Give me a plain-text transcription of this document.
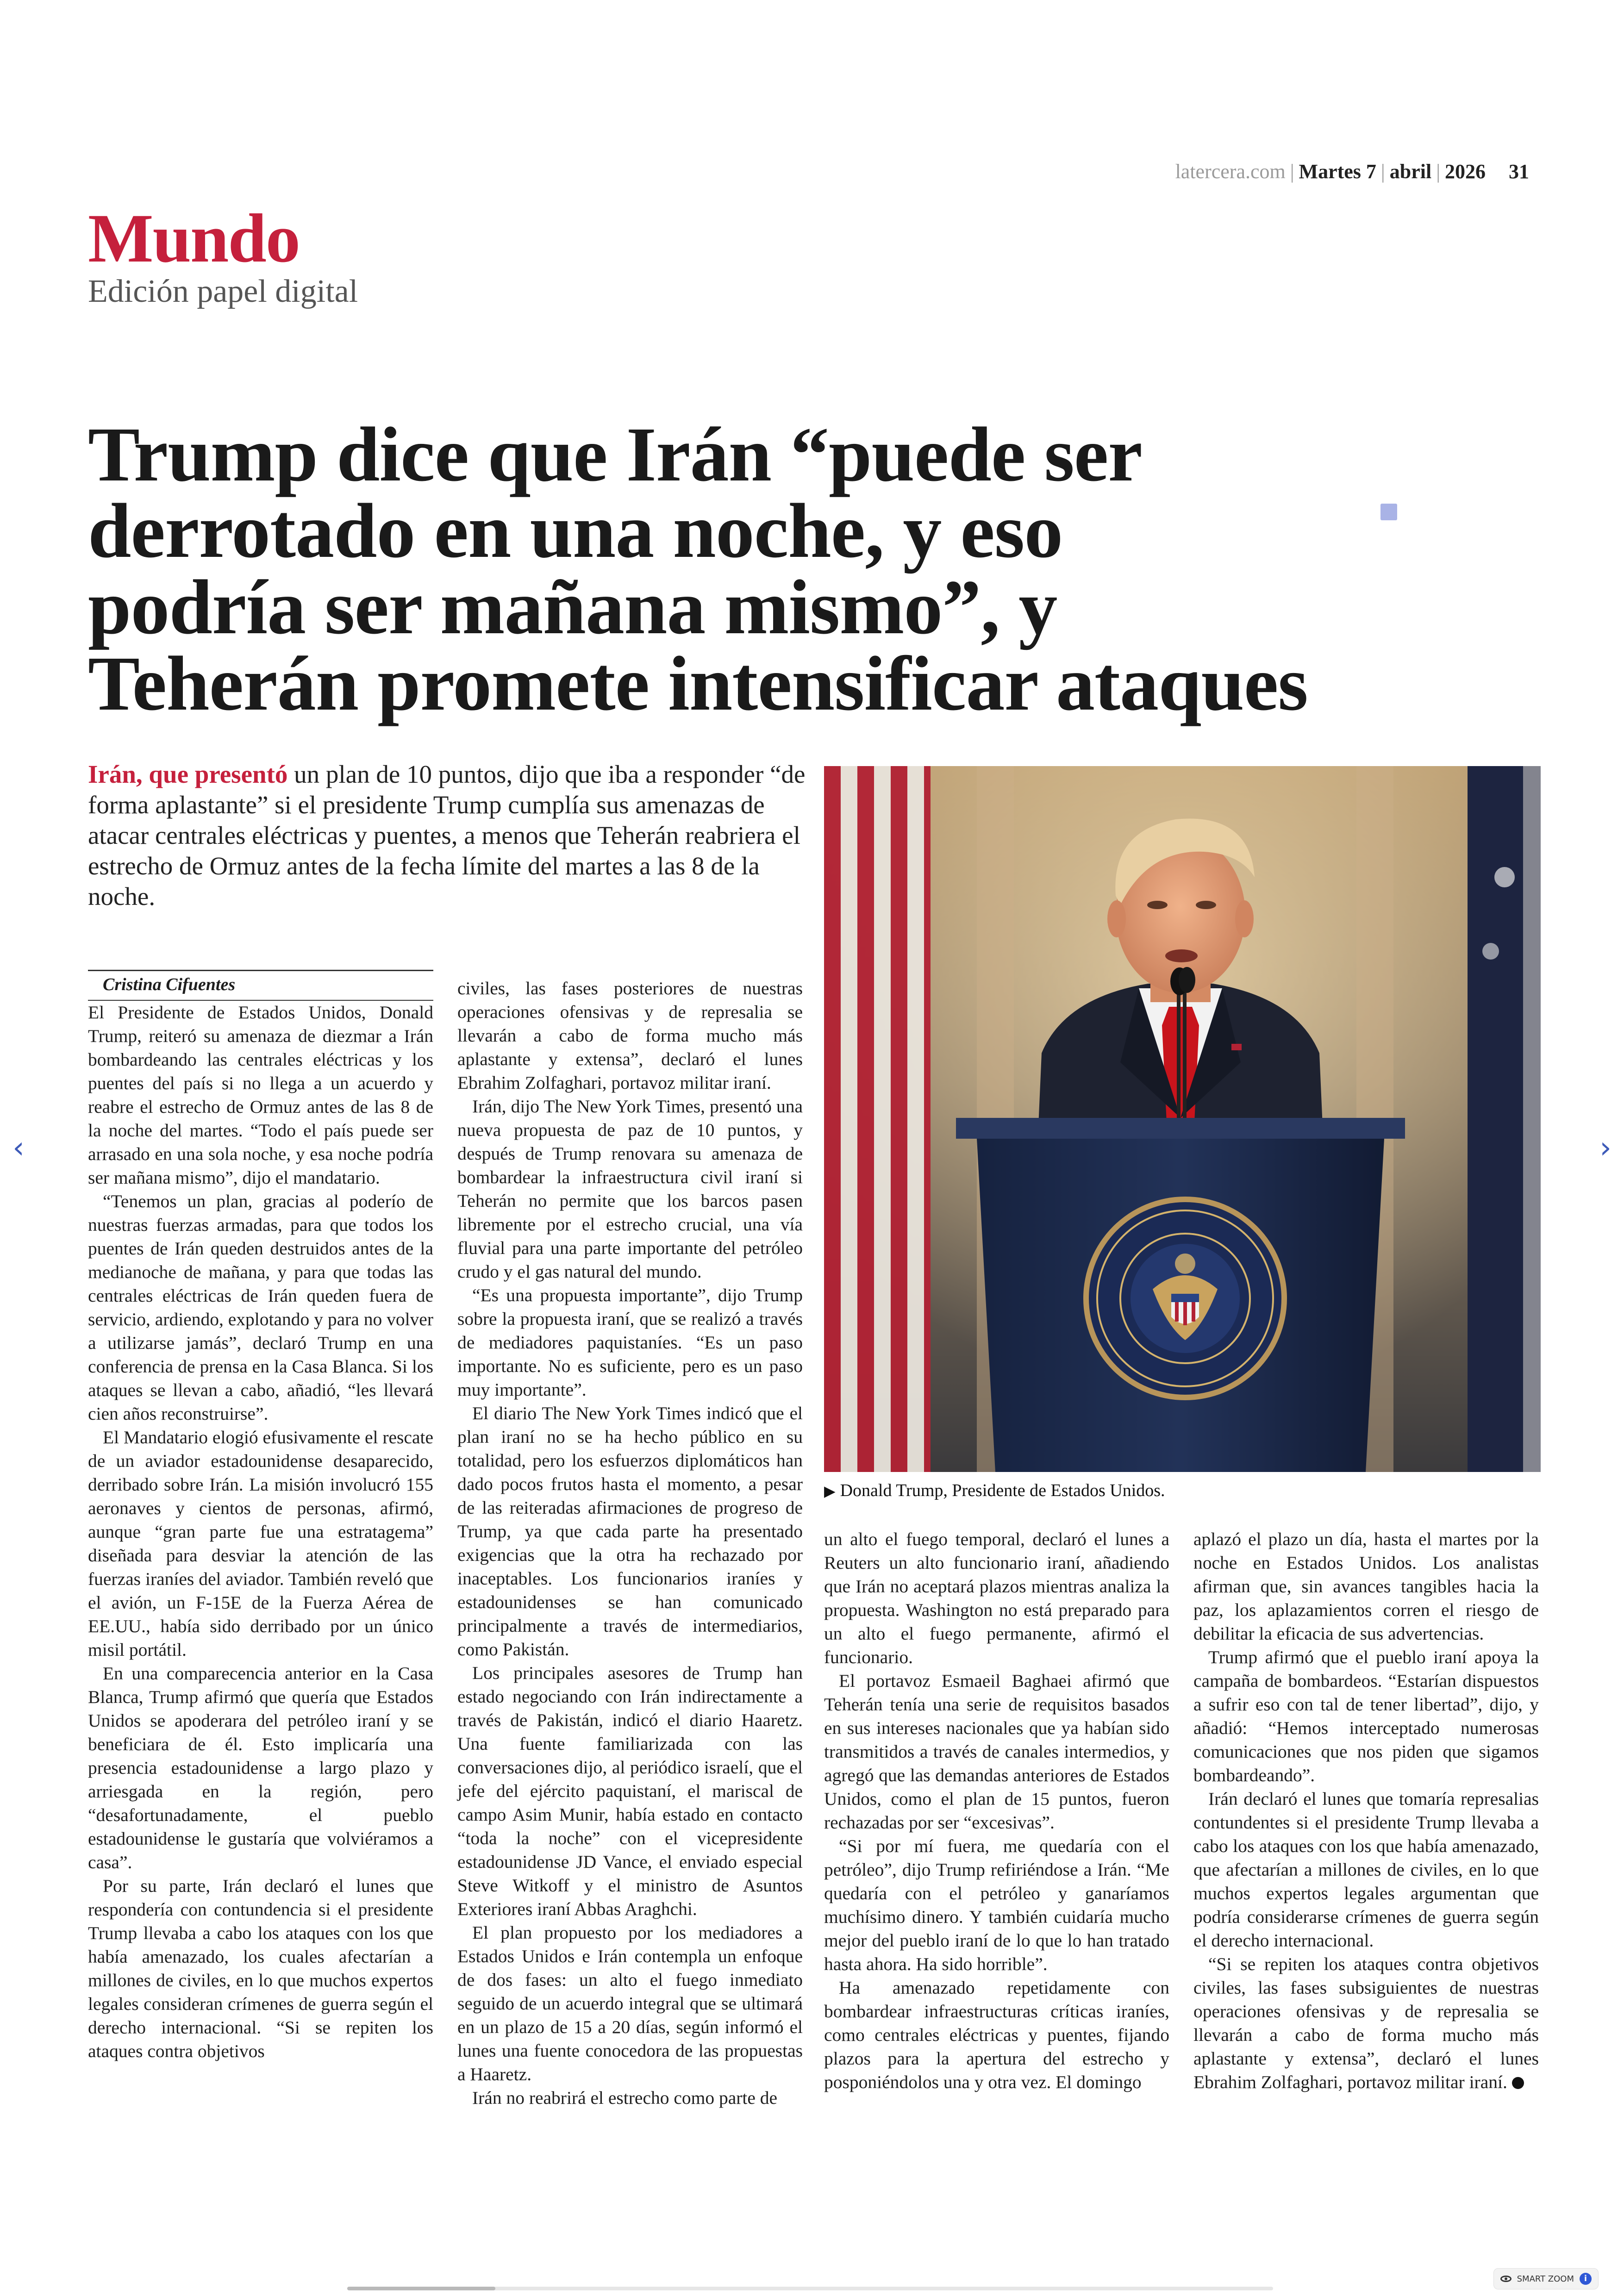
latercera.com | Martes 7 | abril | 2026 31
Mundo
Edición papel digital
Trump dice que Irán “puede ser
derrotado en una noche, y eso
podría ser mañana mismo”, y
Teherán promete intensificar ataques
Irán, que presentó un plan de 10 puntos, dijo que iba a responder “de forma aplastante” si el presidente Trump cumplía sus amenazas de atacar centrales eléctricas y puentes, a menos que Teherán reabriera el estrecho de Ormuz antes de la fecha límite del martes a las 8 de la noche.
▶ Donald Trump, Presidente de Estados Unidos.

Cristina Cifuentes

El Presidente de Estados Unidos, Donald Trump, reiteró su amenaza de diezmar a Irán bombardeando las centrales eléctricas y los puentes del país si no llega a un acuerdo y reabre el estrecho de Ormuz antes de las 8 de la noche del martes. “Todo el país puede ser arrasado en una sola noche, y esa noche podría ser mañana mismo”, dijo el mandatario.

“Tenemos un plan, gracias al poderío de nuestras fuerzas armadas, para que todos los puentes de Irán queden destruidos antes de la medianoche de mañana, y para que todas las centrales eléctricas de Irán queden fuera de servicio, ardiendo, explotando y para no volver a utilizarse jamás”, declaró Trump en una conferencia de prensa en la Casa Blanca. Si los ataques se llevan a cabo, añadió, “les llevará cien años reconstruirse”.

El Mandatario elogió efusivamente el rescate de un aviador estadounidense desaparecido, derribado sobre Irán. La misión involucró 155 aeronaves y cientos de personas, afirmó, aunque “gran parte fue una estratagema” diseñada para desviar la atención de las fuerzas iraníes del aviador. También reveló que el avión, un F-15E de la Fuerza Aérea de EE.UU., había sido derribado por un único misil portátil.

En una comparecencia anterior en la Casa Blanca, Trump afirmó que quería que Estados Unidos se apoderara del petróleo iraní y se beneficiara de él. Esto implicaría una presencia estadounidense a largo plazo y arriesgada en la región, pero “desafortunadamente, el pueblo estadounidense le gustaría que volviéramos a casa”.

Por su parte, Irán declaró el lunes que respondería con contundencia si el presidente Trump llevaba a cabo los ataques con los que había amenazado, los cuales afectarían a millones de civiles, en lo que muchos expertos legales consideran crímenes de guerra según el derecho internacional. “Si se repiten los ataques contra objetivos

civiles, las fases posteriores de nuestras operaciones ofensivas y de represalia se llevarán a cabo de forma mucho más aplastante y extensa”, declaró el lunes Ebrahim Zolfaghari, portavoz militar iraní.

Irán, dijo The New York Times, presentó una nueva propuesta de paz de 10 puntos, y después de Trump renovara su amenaza de bombardear la infraestructura civil iraní si Teherán no permite que los barcos pasen libremente por el estrecho crucial, una vía fluvial para una parte importante del petróleo crudo y el gas natural del mundo.

“Es una propuesta importante”, dijo Trump sobre la propuesta iraní, que se realizó a través de mediadores paquistaníes. “Es un paso importante. No es suficiente, pero es un paso muy importante”.

El diario The New York Times indicó que el plan iraní no se ha hecho público en su totalidad, pero los esfuerzos diplomáticos han dado pocos frutos hasta el momento, a pesar de las reiteradas afirmaciones de progreso de Trump, ya que cada parte ha presentado exigencias que la otra ha rechazado por inaceptables. Los funcionarios iraníes y estadounidenses se han comunicado principalmente a través de intermediarios, como Pakistán.

Los principales asesores de Trump han estado negociando con Irán indirectamente a través de Pakistán, indicó el diario Haaretz. Una fuente familiarizada con las conversaciones dijo, al periódico israelí, que el jefe del ejército paquistaní, el mariscal de campo Asim Munir, había estado en contacto “toda la noche” con el vicepresidente estadounidense JD Vance, el enviado especial Steve Witkoff y el ministro de Asuntos Exteriores iraní Abbas Araghchi.

El plan propuesto por los mediadores a Estados Unidos e Irán contempla un enfoque de dos fases: un alto el fuego inmediato seguido de un acuerdo integral que se ultimará en un plazo de 15 a 20 días, según informó el lunes una fuente conocedora de las propuestas a Haaretz.

Irán no reabrirá el estrecho como parte de

un alto el fuego temporal, declaró el lunes a Reuters un alto funcionario iraní, añadiendo que Irán no aceptará plazos mientras analiza la propuesta. Washington no está preparado para un alto el fuego permanente, afirmó el funcionario.

El portavoz Esmaeil Baghaei afirmó que Teherán tenía una serie de requisitos basados en sus intereses nacionales que ya habían sido transmitidos a través de canales intermedios, y agregó que las demandas anteriores de Estados Unidos, como el plan de 15 puntos, fueron rechazadas por ser “excesivas”.

“Si por mí fuera, me quedaría con el petróleo”, dijo Trump refiriéndose a Irán. “Me quedaría con el petróleo y ganaríamos muchísimo dinero. Y también cuidaría mucho mejor del pueblo iraní de lo que lo han tratado hasta ahora. Ha sido horrible”.

Ha amenazado repetidamente con bombardear infraestructuras críticas iraníes, como centrales eléctricas y puentes, fijando plazos para la apertura del estrecho y posponiéndolos una y otra vez. El domingo

aplazó el plazo un día, hasta el martes por la noche en Estados Unidos. Los analistas afirman que, sin avances tangibles hacia la paz, los aplazamientos corren el riesgo de debilitar la eficacia de sus advertencias.

Trump afirmó que el pueblo iraní apoya la campaña de bombardeos. “Estarían dispuestos a sufrir eso con tal de tener libertad”, dijo, y añadió: “Hemos interceptado numerosas comunicaciones que nos piden que sigamos bombardeando”.

Irán declaró el lunes que tomaría represalias contundentes si el presidente Trump llevaba a cabo los ataques con los que había amenazado, que afectarían a millones de civiles, en lo que muchos expertos legales argumentan que podría considerarse crímenes de guerra según el derecho internacional.

“Si se repiten los ataques contra objetivos civiles, las fases subsiguientes de nuestras operaciones ofensivas y de represalia se llevarán a cabo de forma mucho más aplastante y extensa”, declaró el lunes Ebrahim Zolfaghari, portavoz militar iraní.

‹	›
SMART ZOOM	i
